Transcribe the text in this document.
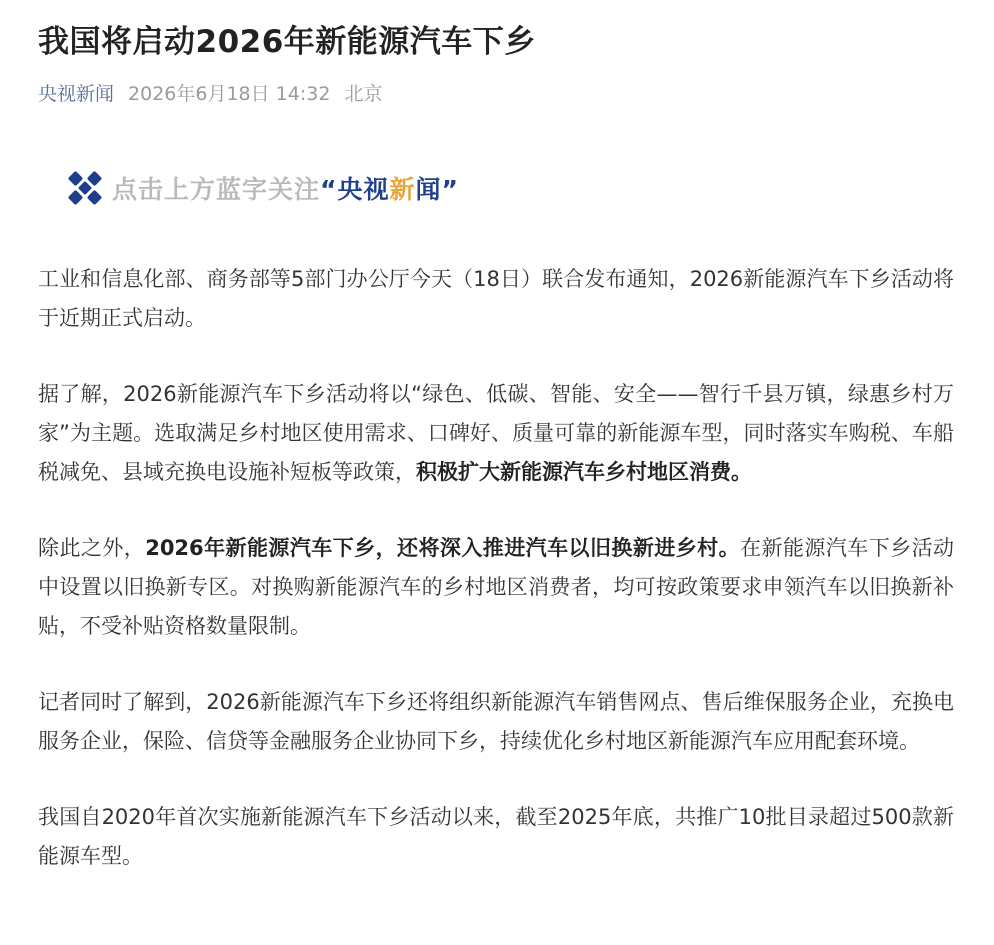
我国将启动2026年新能源汽车下乡
央视新闻 2026年6月18日 14:32 北京
点击上方蓝字关注 “央视新闻”

工业和信息化部、商务部等5部门办公厅今天（18日）联合发布通知，2026新能源汽车下乡活动将于近期正式启动。

据了解，2026新能源汽车下乡活动将以“绿色、低碳、智能、安全——智行千县万镇，绿惠乡村万家”为主题。选取满足乡村地区使用需求、口碑好、质量可靠的新能源车型，同时落实车购税、车船税减免、县域充换电设施补短板等政策，积极扩大新能源汽车乡村地区消费。

除此之外，2026年新能源汽车下乡，还将深入推进汽车以旧换新进乡村。在新能源汽车下乡活动中设置以旧换新专区。对换购新能源汽车的乡村地区消费者，均可按政策要求申领汽车以旧换新补贴，不受补贴资格数量限制。

记者同时了解到，2026新能源汽车下乡还将组织新能源汽车销售网点、售后维保服务企业，充换电服务企业，保险、信贷等金融服务企业协同下乡，持续优化乡村地区新能源汽车应用配套环境。

我国自2020年首次实施新能源汽车下乡活动以来，截至2025年底，共推广10批目录超过500款新能源车型。
